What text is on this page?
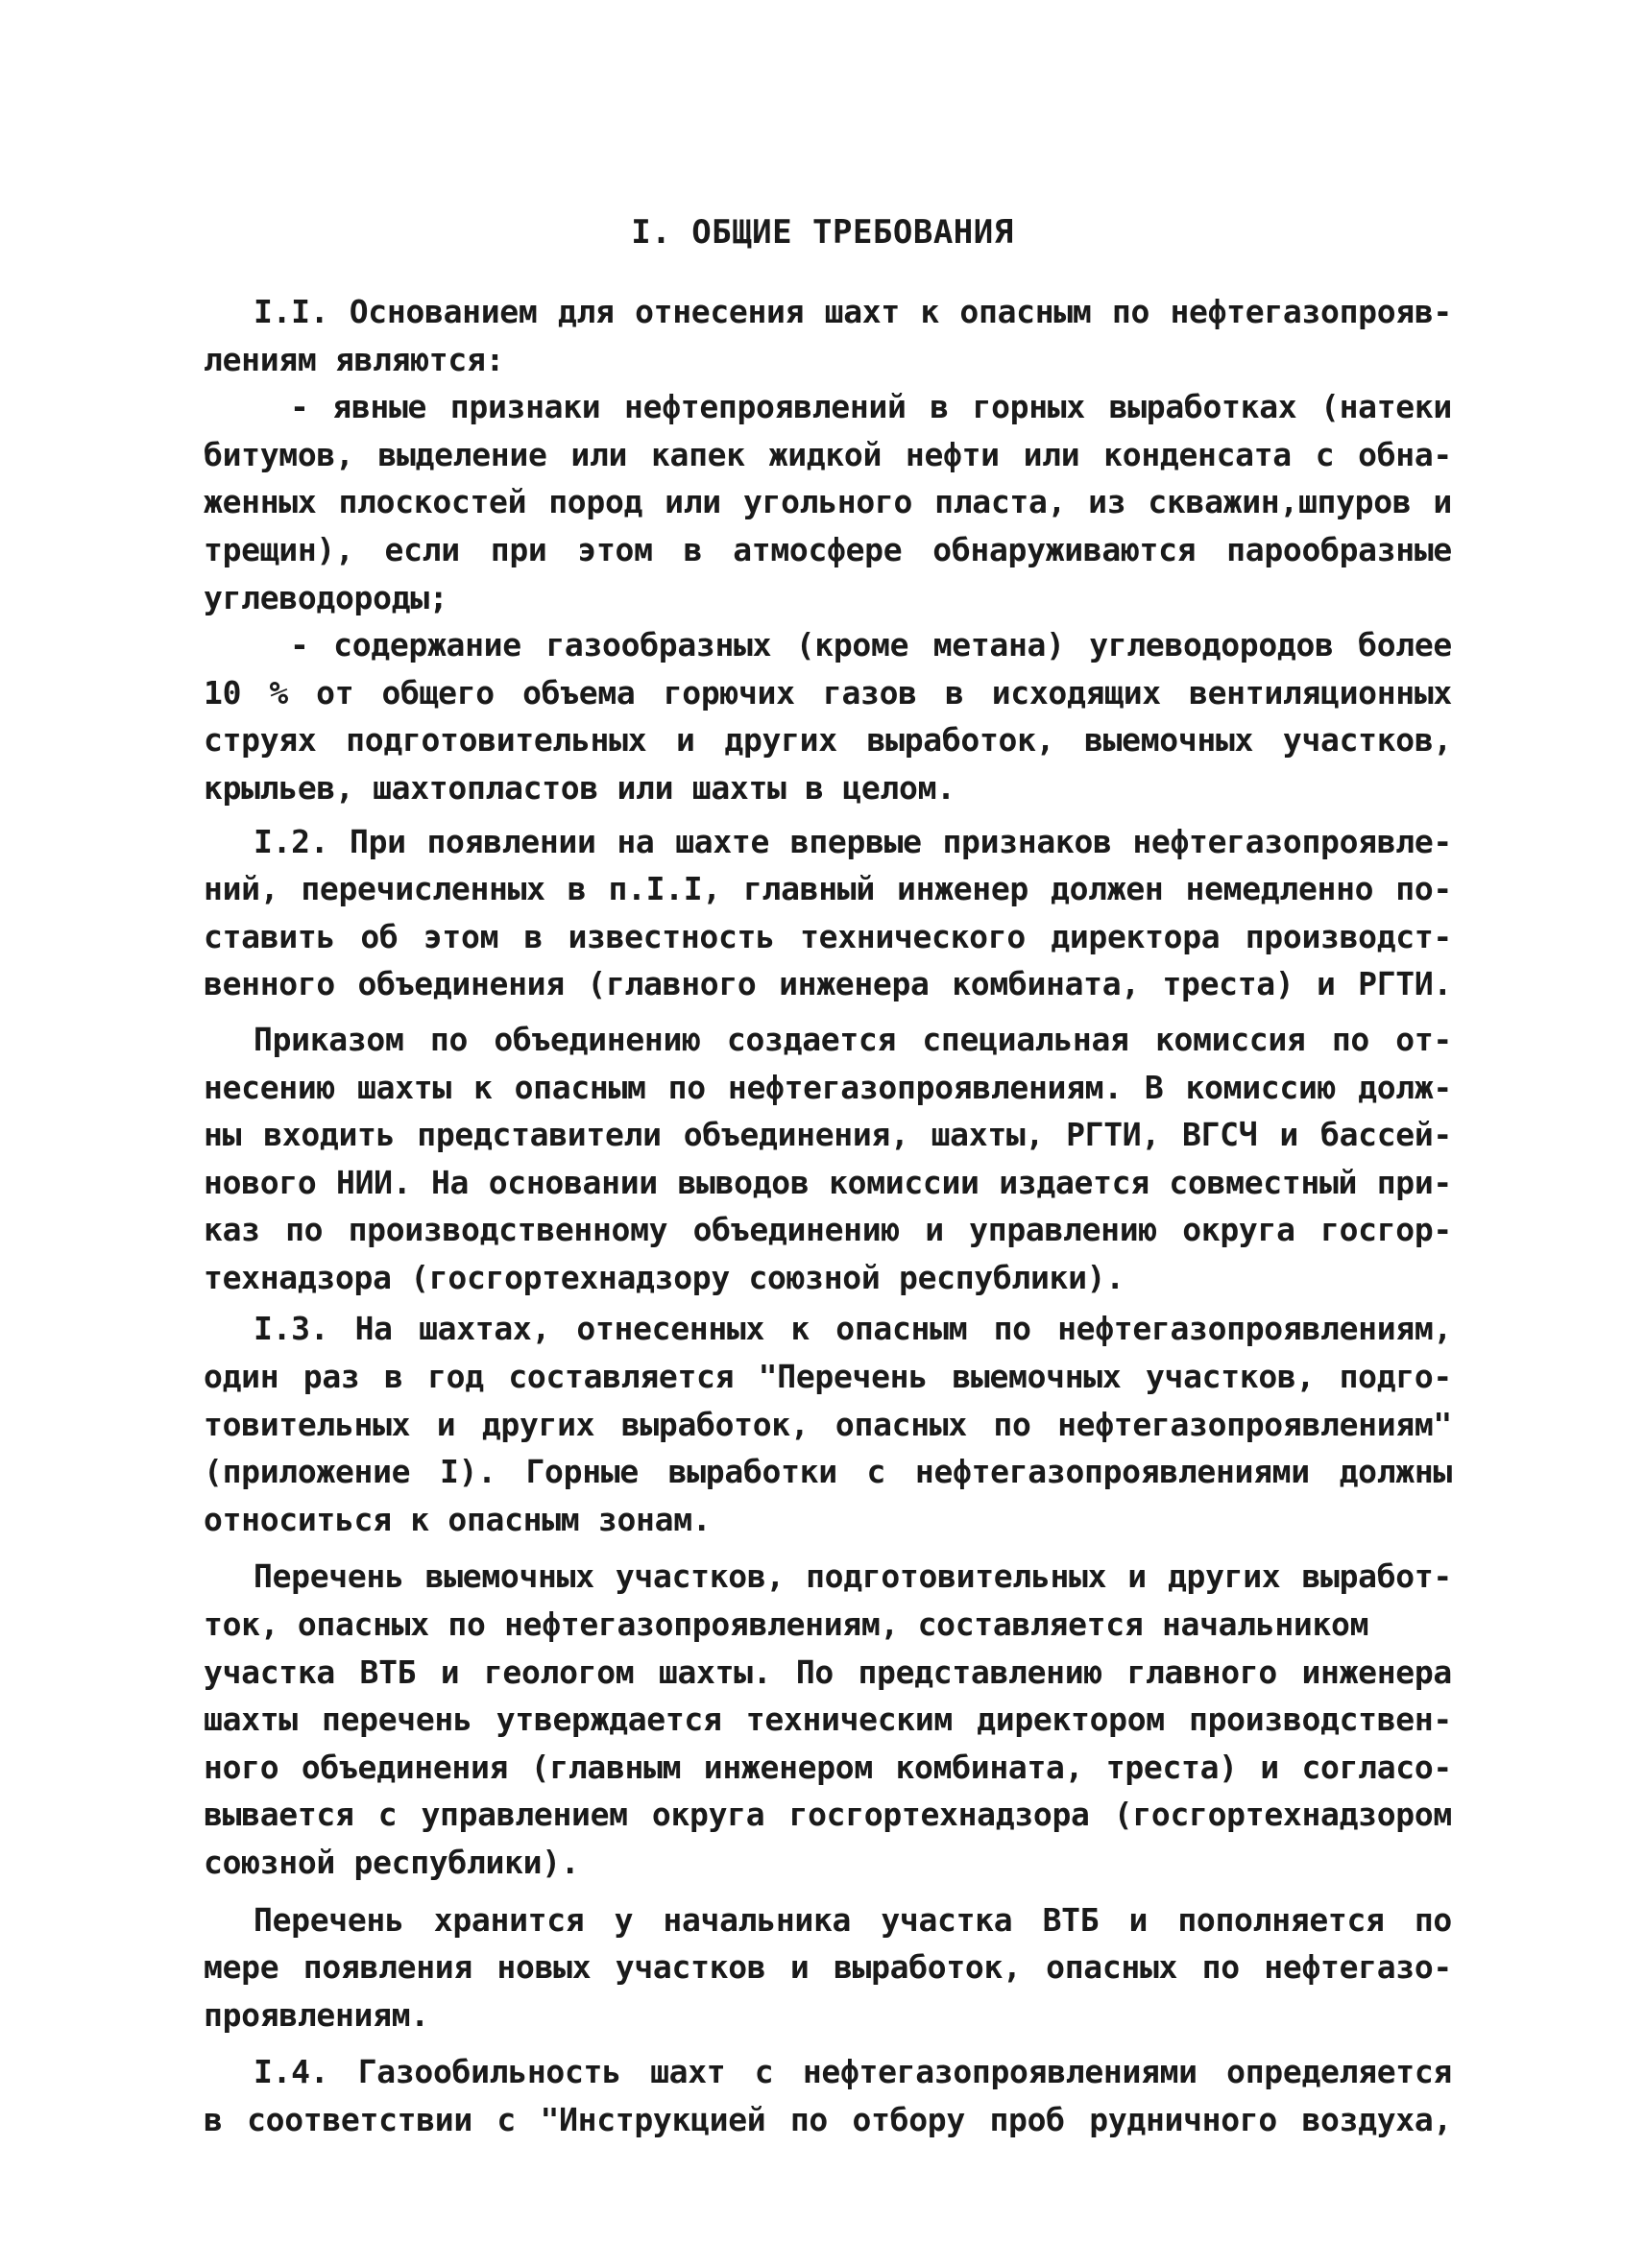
I. ОБЩИЕ ТРЕБОВАНИЯ
I.I. Основанием для отнесения шахт к опасным по нефтегазопрояв-
лениям являются:
- явные признаки нефтепроявлений в горных выработках (натеки
битумов, выделение или капек жидкой нефти или конденсата с обна-
женных плоскостей пород или угольного пласта, из скважин,шпуров и
трещин), если при этом в атмосфере обнаруживаются парообразные
углеводороды;
- содержание газообразных (кроме метана) углеводородов более
10 % от общего объема горючих газов в исходящих вентиляционных
струях подготовительных и других выработок, выемочных участков,
крыльев, шахтопластов или шахты в целом.
I.2. При появлении на шахте впервые признаков нефтегазопроявле-
ний, перечисленных в п.I.I, главный инженер должен немедленно по-
ставить об этом в известность технического директора производст-
венного объединения (главного инженера комбината, треста) и РГТИ.
Приказом по объединению создается специальная комиссия по от-
несению шахты к опасным по нефтегазопроявлениям. В комиссию долж-
ны входить представители объединения, шахты, РГТИ, ВГСЧ и бассей-
нового НИИ. На основании выводов комиссии издается совместный при-
каз по производственному объединению и управлению округа госгор-
технадзора (госгортехнадзору союзной республики).
I.3. На шахтах, отнесенных к опасным по нефтегазопроявлениям,
один раз в год составляется "Перечень выемочных участков, подго-
товительных и других выработок, опасных по нефтегазопроявлениям"
(приложение I). Горные выработки с нефтегазопроявлениями должны
относиться к опасным зонам.
Перечень выемочных участков, подготовительных и других выработ-
ток, опасных по нефтегазопроявлениям, составляется начальником
участка ВТБ и геологом шахты. По представлению главного инженера
шахты перечень утверждается техническим директором производствен-
ного объединения (главным инженером комбината, треста) и согласо-
вывается с управлением округа госгортехнадзора (госгортехнадзором
союзной республики).
Перечень хранится у начальника участка ВТБ и пополняется по
мере появления новых участков и выработок, опасных по нефтегазо-
проявлениям.
I.4. Газообильность шахт с нефтегазопроявлениями определяется
в соответствии с "Инструкцией по отбору проб рудничного воздуха,
